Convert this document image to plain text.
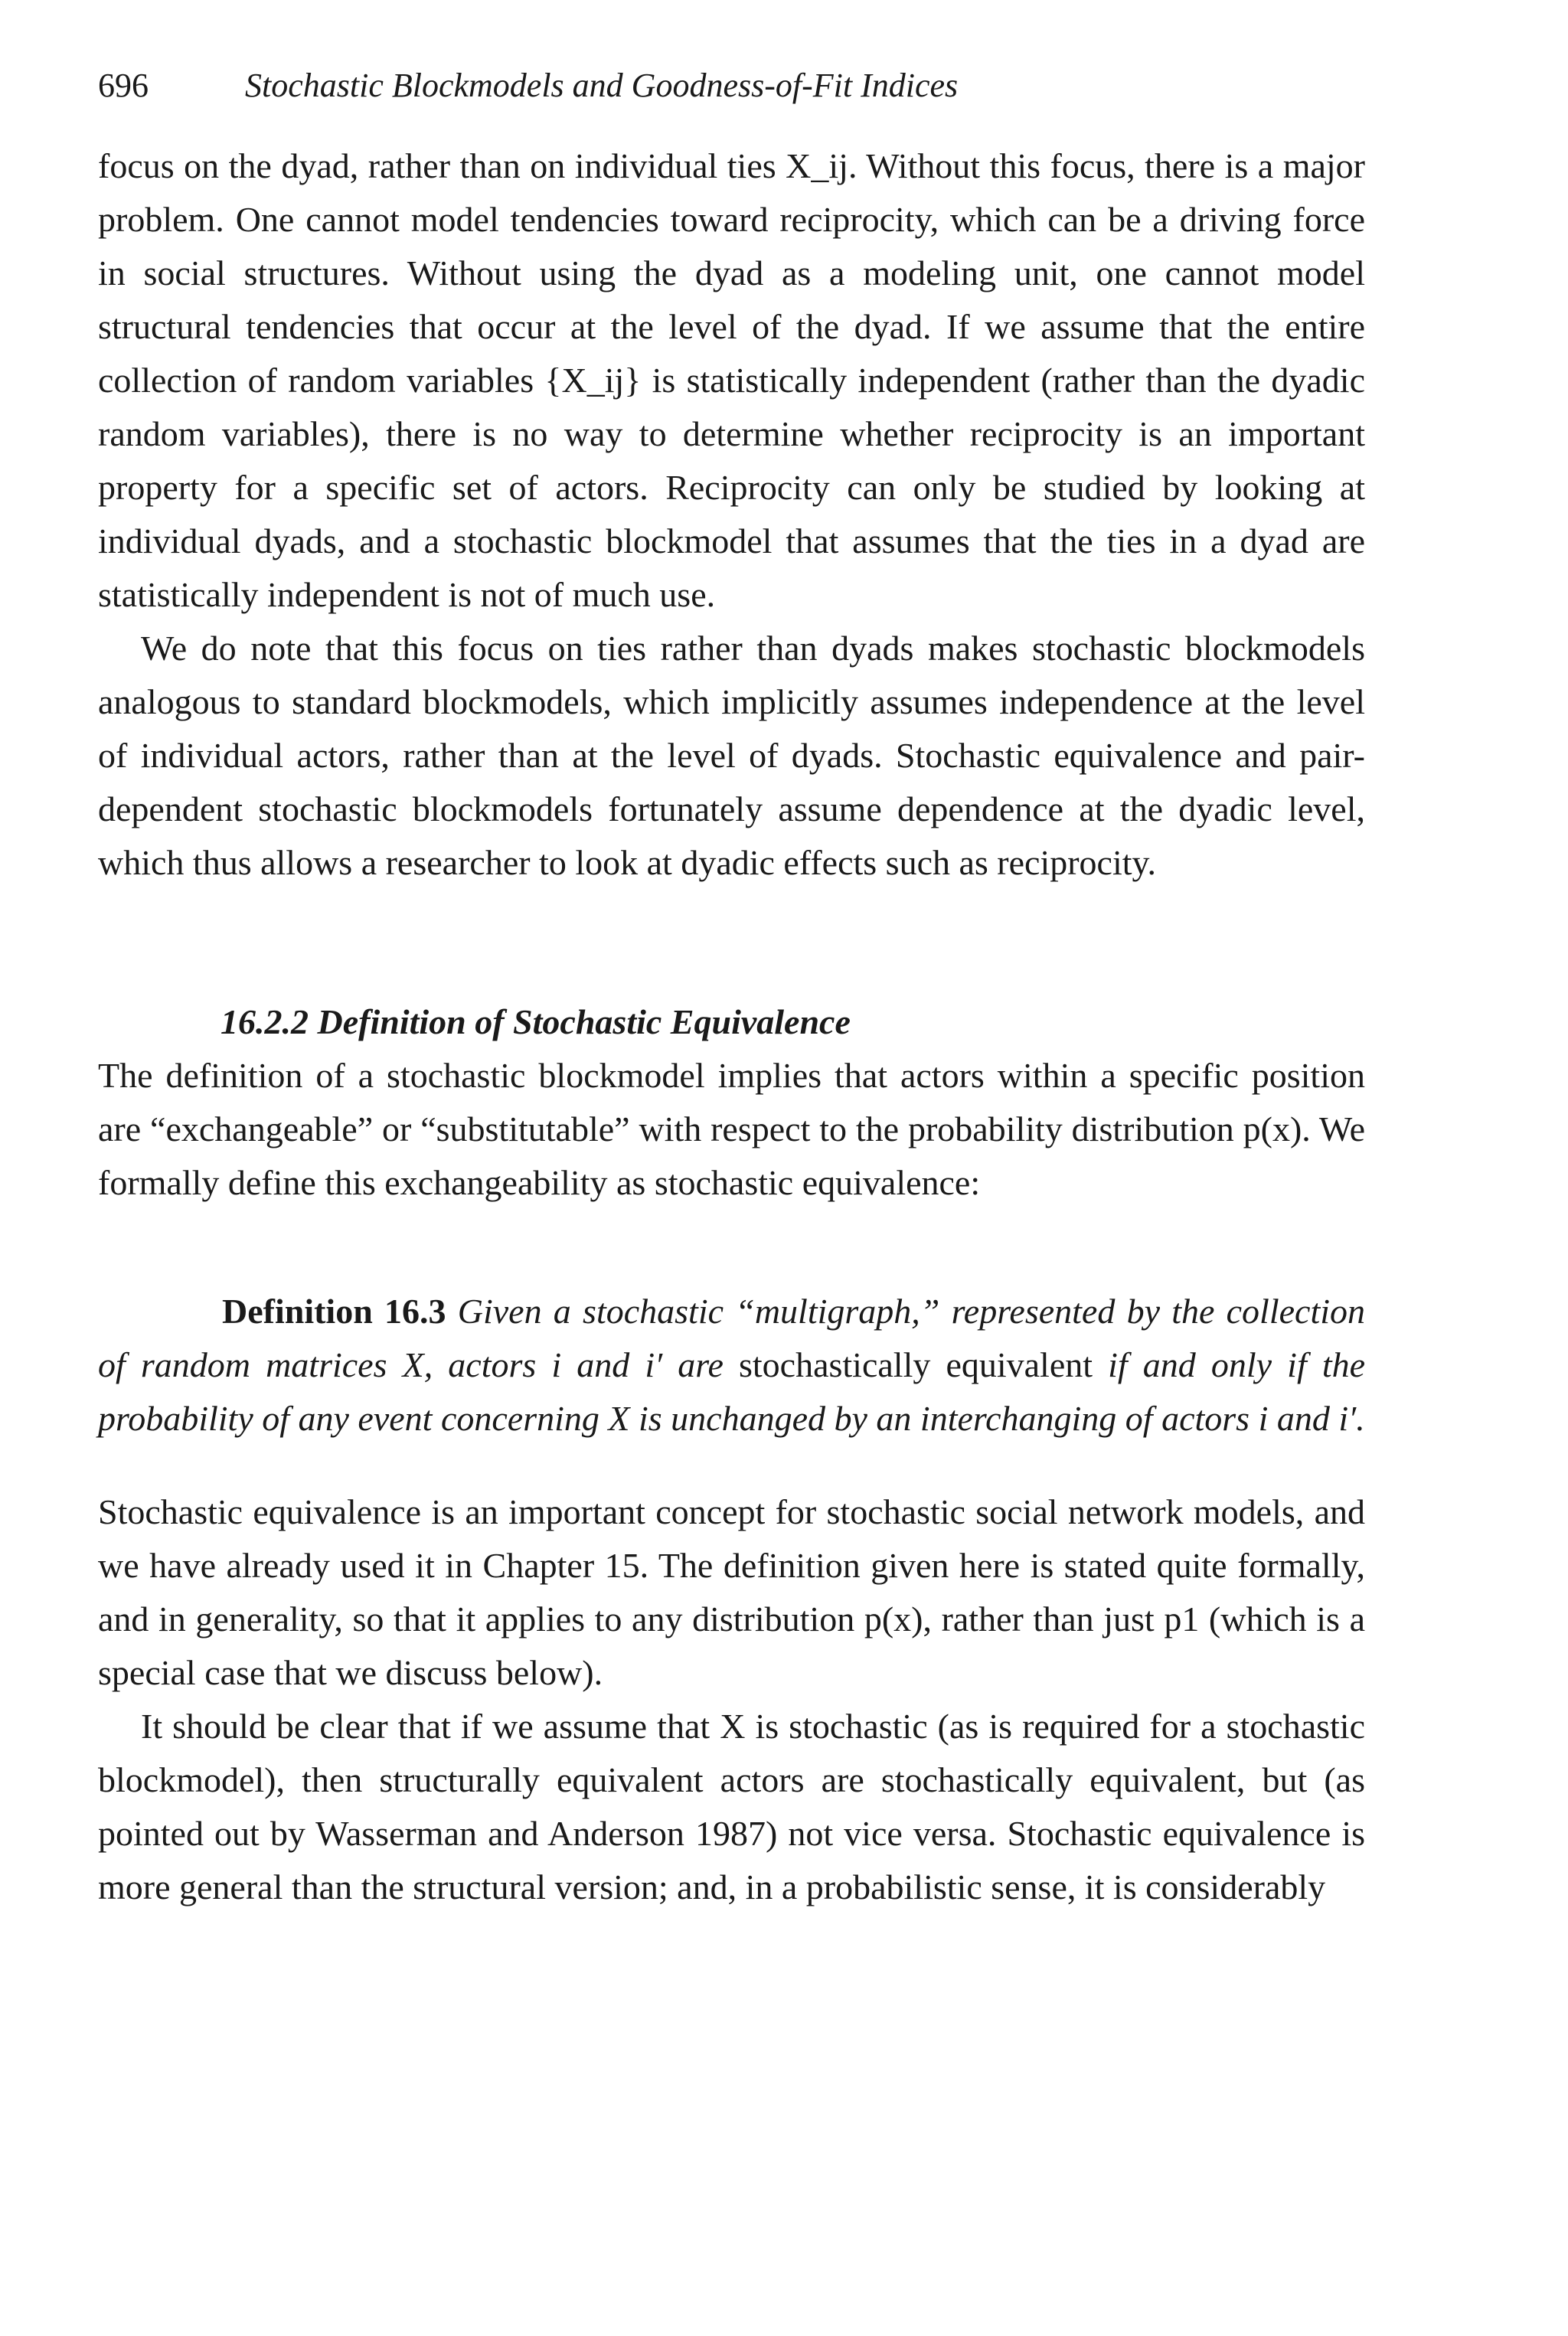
696	Stochastic Blockmodels and Goodness-of-Fit Indices

focus on the dyad, rather than on individual ties X_ij. Without this focus, there is a major problem. One cannot model tendencies toward reciprocity, which can be a driving force in social structures. Without using the dyad as a modeling unit, one cannot model structural tendencies that occur at the level of the dyad. If we assume that the entire collection of random variables {X_ij} is statistically independent (rather than the dyadic random variables), there is no way to determine whether reciprocity is an important property for a specific set of actors. Reciprocity can only be studied by looking at individual dyads, and a stochastic blockmodel that assumes that the ties in a dyad are statistically independent is not of much use.

We do note that this focus on ties rather than dyads makes stochastic blockmodels analogous to standard blockmodels, which implicitly assumes independence at the level of individual actors, rather than at the level of dyads. Stochastic equivalence and pair-dependent stochastic blockmodels fortunately assume dependence at the dyadic level, which thus allows a researcher to look at dyadic effects such as reciprocity.

16.2.2 Definition of Stochastic Equivalence

The definition of a stochastic blockmodel implies that actors within a specific position are “exchangeable” or “substitutable” with respect to the probability distribution p(x). We formally define this exchangeability as stochastic equivalence:

Definition 16.3 Given a stochastic “multigraph,” represented by the collection of random matrices X, actors i and i′ are stochastically equivalent if and only if the probability of any event concerning X is unchanged by an interchanging of actors i and i′.

Stochastic equivalence is an important concept for stochastic social network models, and we have already used it in Chapter 15. The definition given here is stated quite formally, and in generality, so that it applies to any distribution p(x), rather than just p1 (which is a special case that we discuss below).

It should be clear that if we assume that X is stochastic (as is required for a stochastic blockmodel), then structurally equivalent actors are stochastically equivalent, but (as pointed out by Wasserman and Anderson 1987) not vice versa. Stochastic equivalence is more general than the structural version; and, in a probabilistic sense, it is considerably
